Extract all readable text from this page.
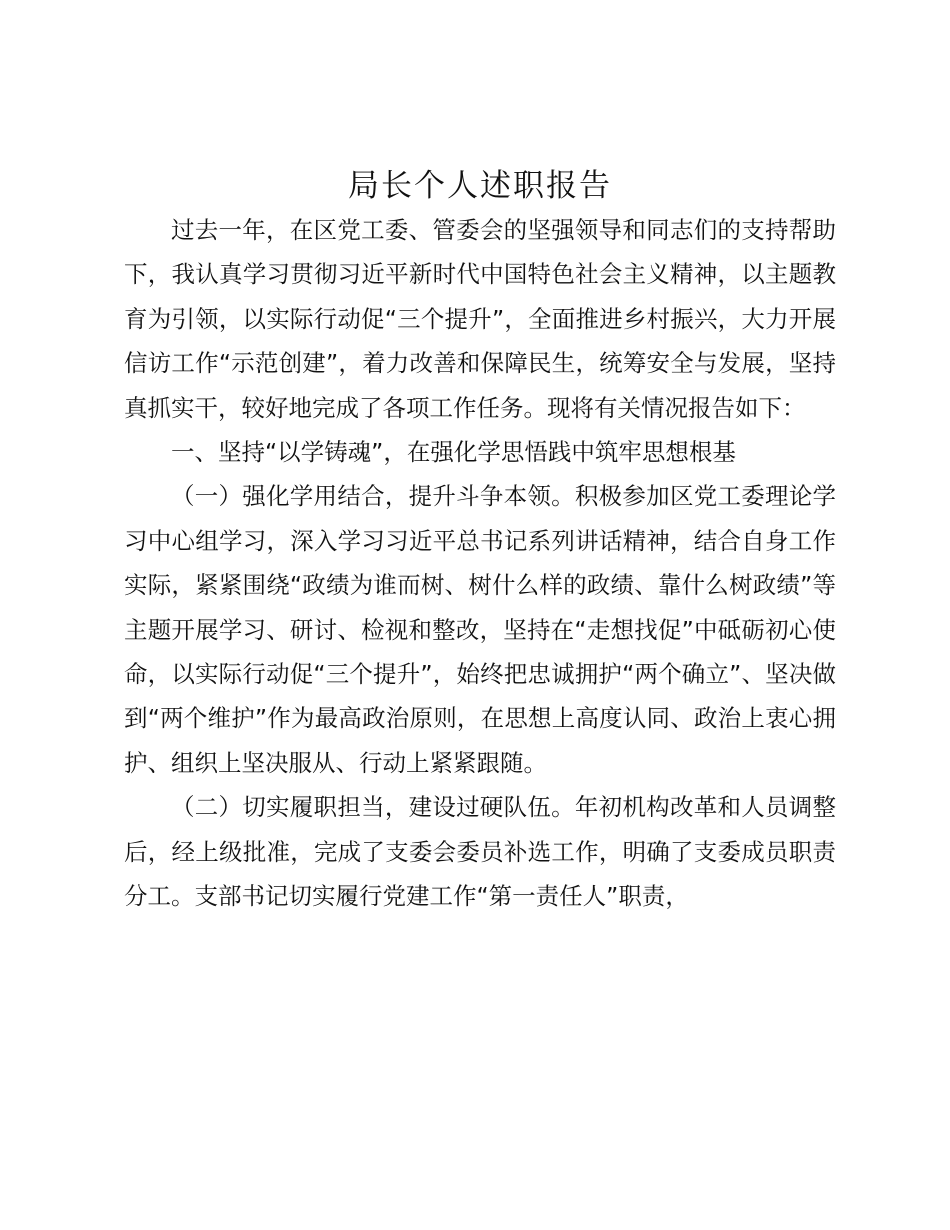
局长个人述职报告

过去一年，在区党工委、管委会的坚强领导和同志们的支持帮助下，我认真学习贯彻习近平新时代中国特色社会主义精神，以主题教育为引领，以实际行动促“三个提升”，全面推进乡村振兴，大力开展信访工作“示范创建”，着力改善和保障民生，统筹安全与发展，坚持真抓实干，较好地完成了各项工作任务。现将有关情况报告如下：

一、坚持“以学铸魂”，在强化学思悟践中筑牢思想根基

（一）强化学用结合，提升斗争本领。积极参加区党工委理论学习中心组学习，深入学习习近平总书记系列讲话精神，结合自身工作实际，紧紧围绕“政绩为谁而树、树什么样的政绩、靠什么树政绩”等主题开展学习、研讨、检视和整改，坚持在“走想找促”中砥砺初心使命，以实际行动促“三个提升”，始终把忠诚拥护“两个确立”、坚决做到“两个维护”作为最高政治原则，在思想上高度认同、政治上衷心拥护、组织上坚决服从、行动上紧紧跟随。

（二）切实履职担当，建设过硬队伍。年初机构改革和人员调整后，经上级批准，完成了支委会委员补选工作，明确了支委成员职责分工。支部书记切实履行党建工作“第一责任人”职责，
